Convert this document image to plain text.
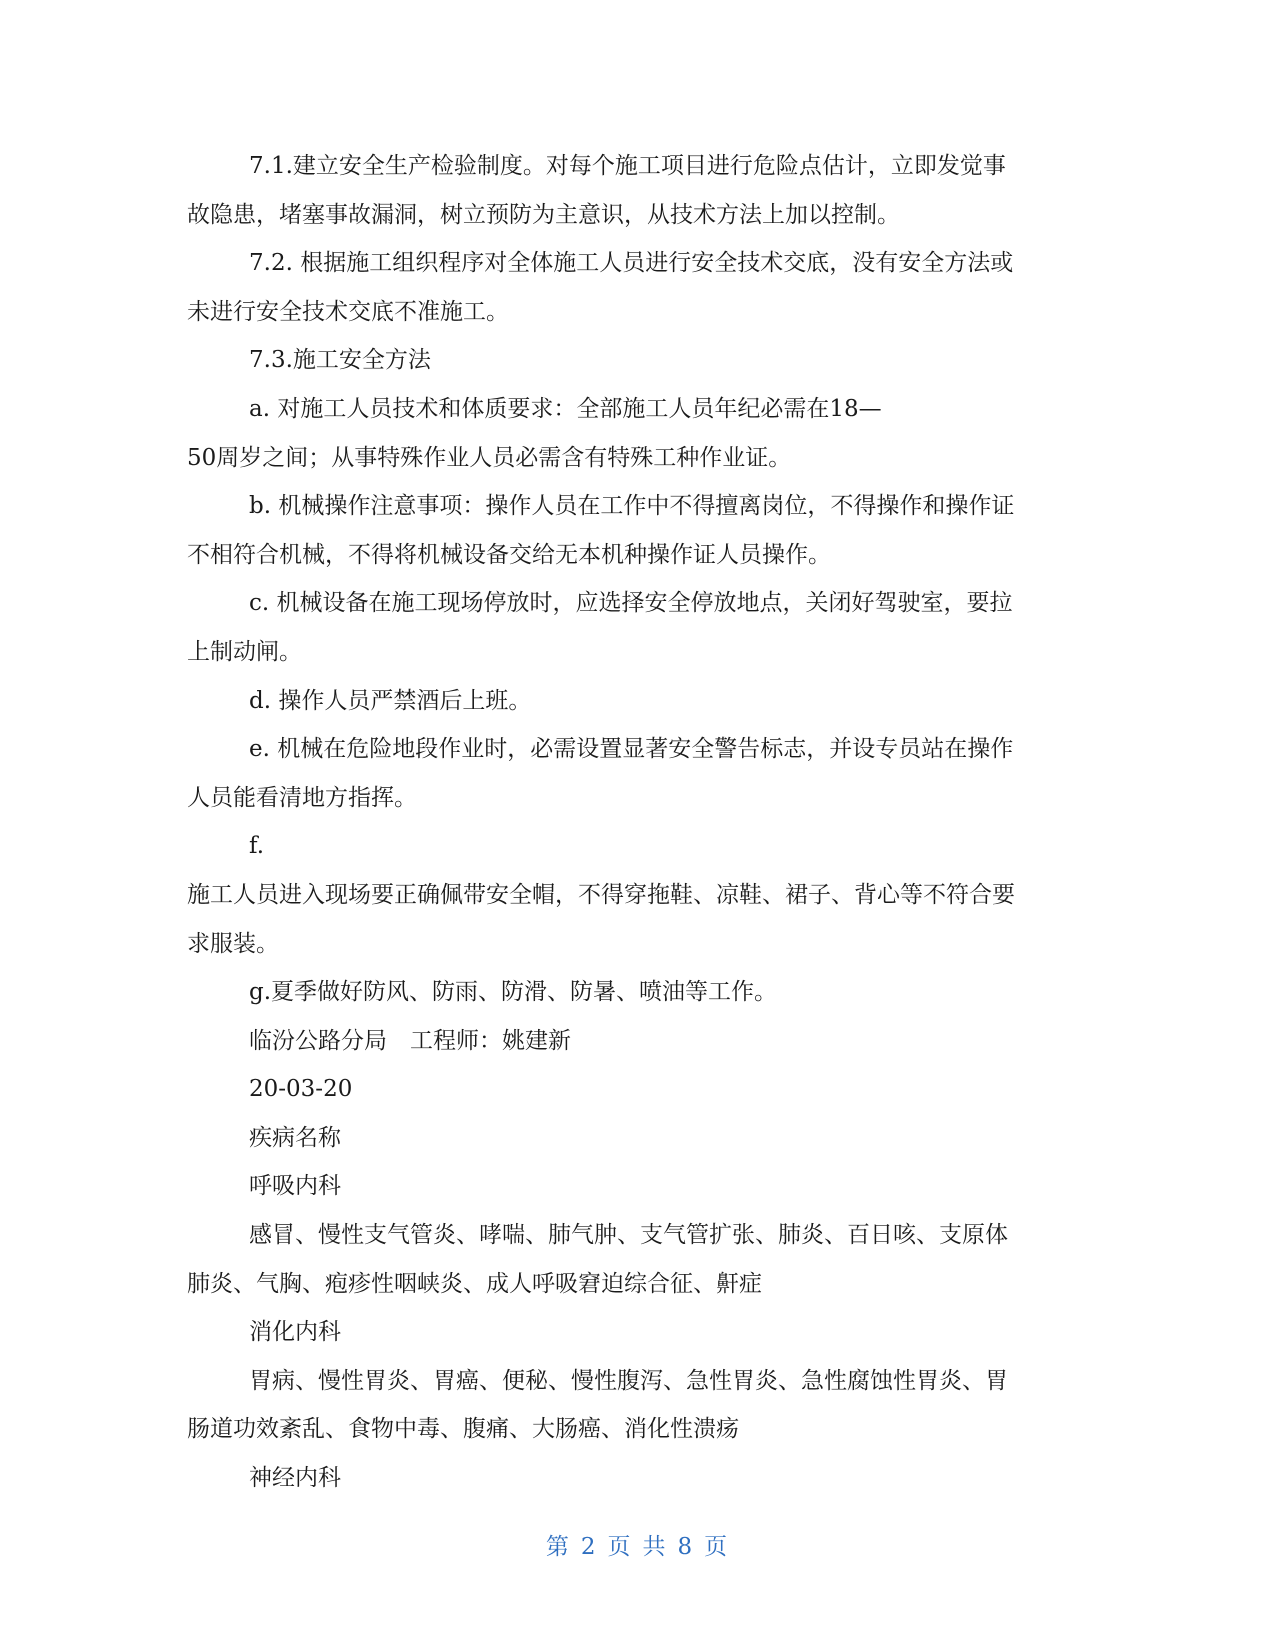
7.1.建立安全生产检验制度。对每个施工项目进行危险点估计，立即发觉事
故隐患，堵塞事故漏洞，树立预防为主意识，从技术方法上加以控制。
7.2. 根据施工组织程序对全体施工人员进行安全技术交底，没有安全方法或
未进行安全技术交底不准施工。
7.3.施工安全方法
a. 对施工人员技术和体质要求：全部施工人员年纪必需在18—
50周岁之间；从事特殊作业人员必需含有特殊工种作业证。
b. 机械操作注意事项：操作人员在工作中不得擅离岗位，不得操作和操作证
不相符合机械，不得将机械设备交给无本机种操作证人员操作。
c. 机械设备在施工现场停放时，应选择安全停放地点，关闭好驾驶室，要拉
上制动闸。
d. 操作人员严禁酒后上班。
e. 机械在危险地段作业时，必需设置显著安全警告标志，并设专员站在操作
人员能看清地方指挥。
f.
施工人员进入现场要正确佩带安全帽，不得穿拖鞋、凉鞋、裙子、背心等不符合要
求服装。
g.夏季做好防风、防雨、防滑、防暑、喷油等工作。
临汾公路分局　工程师：姚建新
20-03-20
疾病名称
呼吸内科
感冒、慢性支气管炎、哮喘、肺气肿、支气管扩张、肺炎、百日咳、支原体
肺炎、气胸、疱疹性咽峡炎、成人呼吸窘迫综合征、鼾症
消化内科
胃病、慢性胃炎、胃癌、便秘、慢性腹泻、急性胃炎、急性腐蚀性胃炎、胃
肠道功效紊乱、食物中毒、腹痛、大肠癌、消化性溃疡
神经内科
第 2 页 共 8 页
